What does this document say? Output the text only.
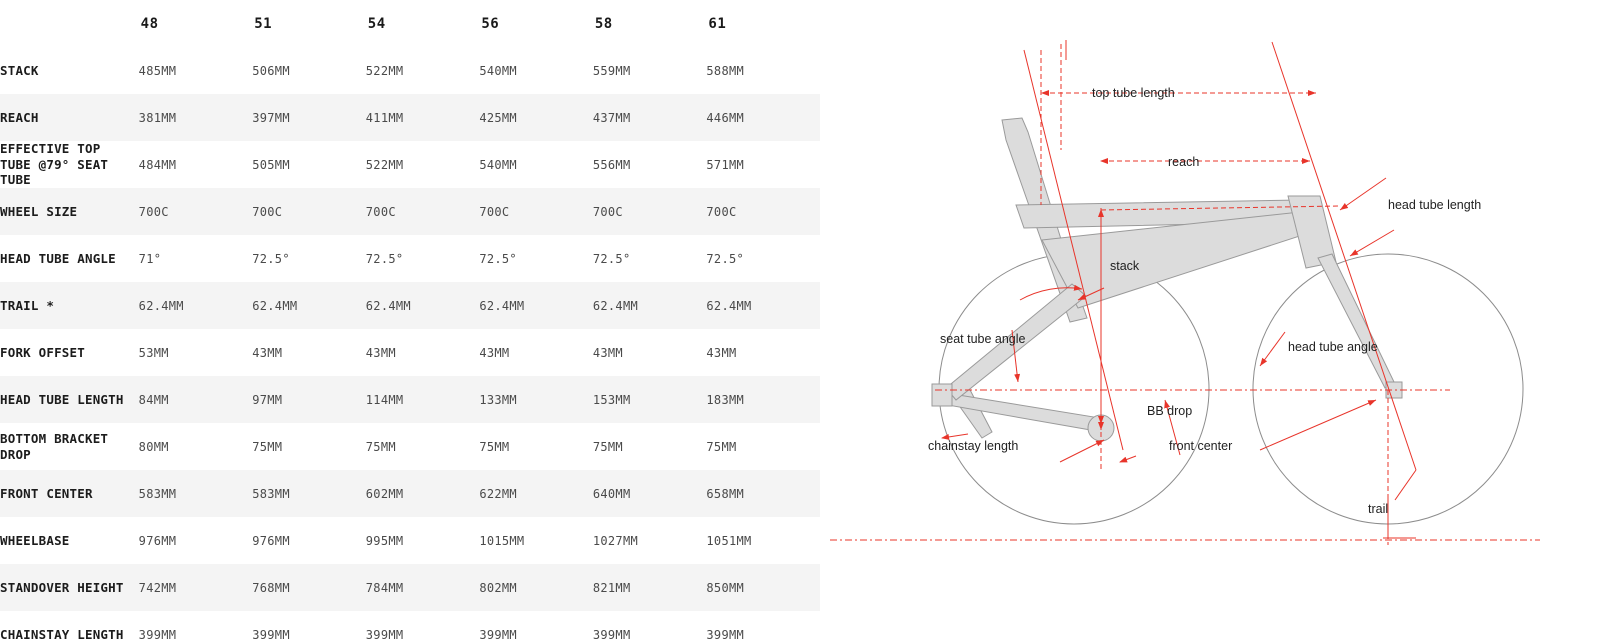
	48	51	54	56	58	61
STACK	485MM	506MM	522MM	540MM	559MM	588MM
REACH	381MM	397MM	411MM	425MM	437MM	446MM
EFFECTIVE TOP TUBE @79° SEAT TUBE	484MM	505MM	522MM	540MM	556MM	571MM
WHEEL SIZE	700C	700C	700C	700C	700C	700C
HEAD TUBE ANGLE	71°	72.5°	72.5°	72.5°	72.5°	72.5°
TRAIL *	62.4MM	62.4MM	62.4MM	62.4MM	62.4MM	62.4MM
FORK OFFSET	53MM	43MM	43MM	43MM	43MM	43MM
HEAD TUBE LENGTH	84MM	97MM	114MM	133MM	153MM	183MM
BOTTOM BRACKET DROP	80MM	75MM	75MM	75MM	75MM	75MM
FRONT CENTER	583MM	583MM	602MM	622MM	640MM	658MM
WHEELBASE	976MM	976MM	995MM	1015MM	1027MM	1051MM
STANDOVER HEIGHT	742MM	768MM	784MM	802MM	821MM	850MM
CHAINSTAY LENGTH	399MM	399MM	399MM	399MM	399MM	399MM
top tube length
reach
head tube length
stack
seat tube angle
head tube angle
BB drop
chainstay length	front center
trail
